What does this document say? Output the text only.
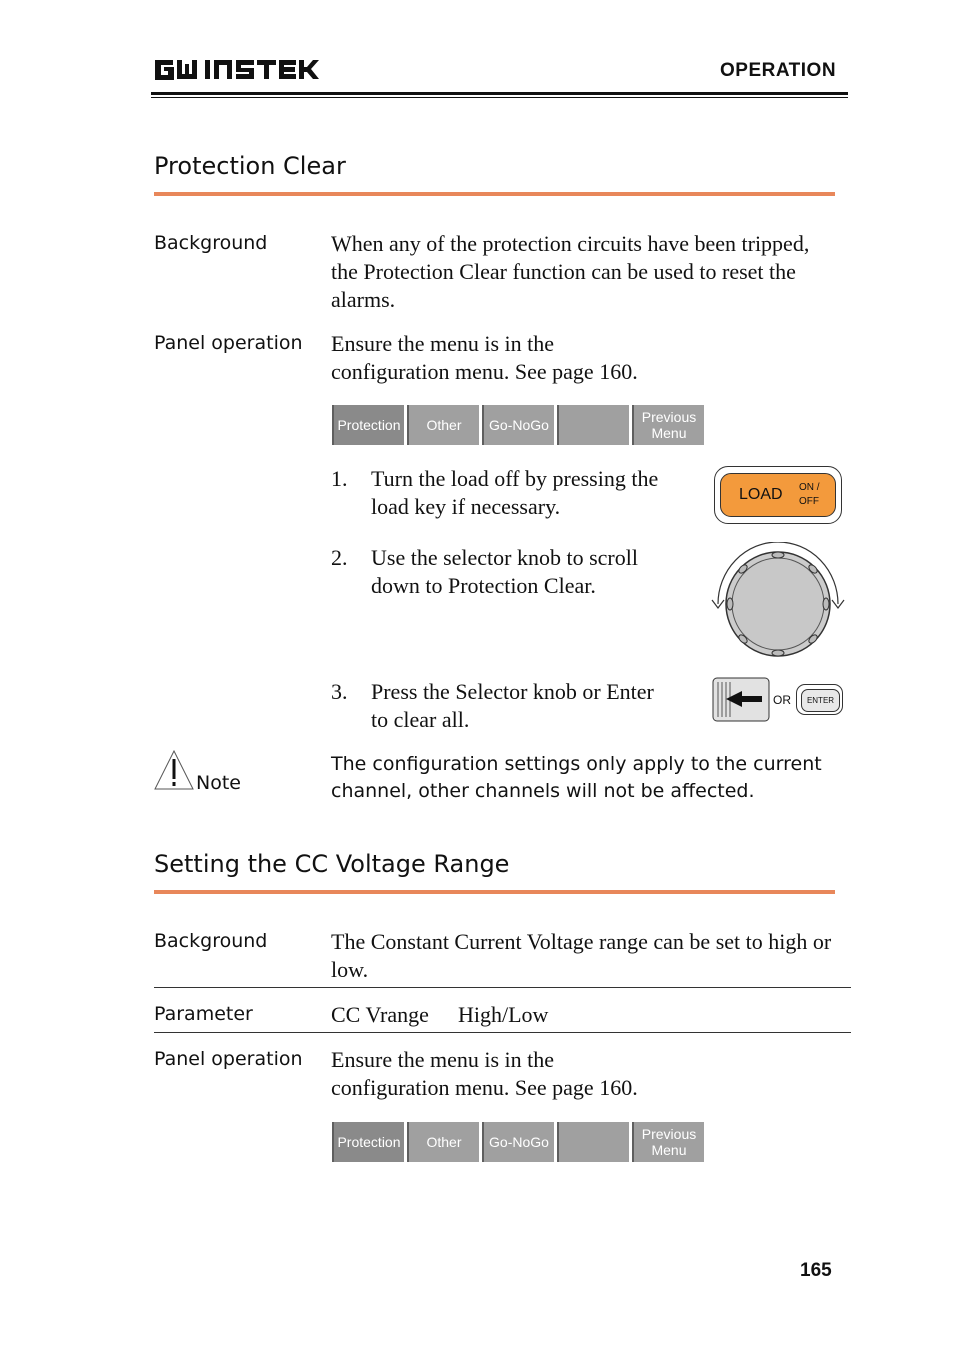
OPERATION
Protection Clear
Background	When any of the protection circuits have been tripped, the Protection Clear function can be used to reset the alarms.
Panel operation Ensure the menu is in the
configuration menu. See page 160.
Protection	Other	Go-NoGo	Previous Menu
1. Turn the load off by pressing the
load key if necessary.	LOAD ON /
OFF
2. Use the selector knob to scroll
down to Protection Clear.
3. Press the Selector knob or Enter
to clear all.
OR	ENTER
Note
The configuration settings only apply to the current channel, other channels will not be affected.
Setting the CC Voltage Range
Background	The Constant Current Voltage range can be set to high or low.
Parameter	CC Vrange High/Low
Panel operation Ensure the menu is in the
configuration menu. See page 160.
Protection	Other	Go-NoGo	Previous Menu
165
